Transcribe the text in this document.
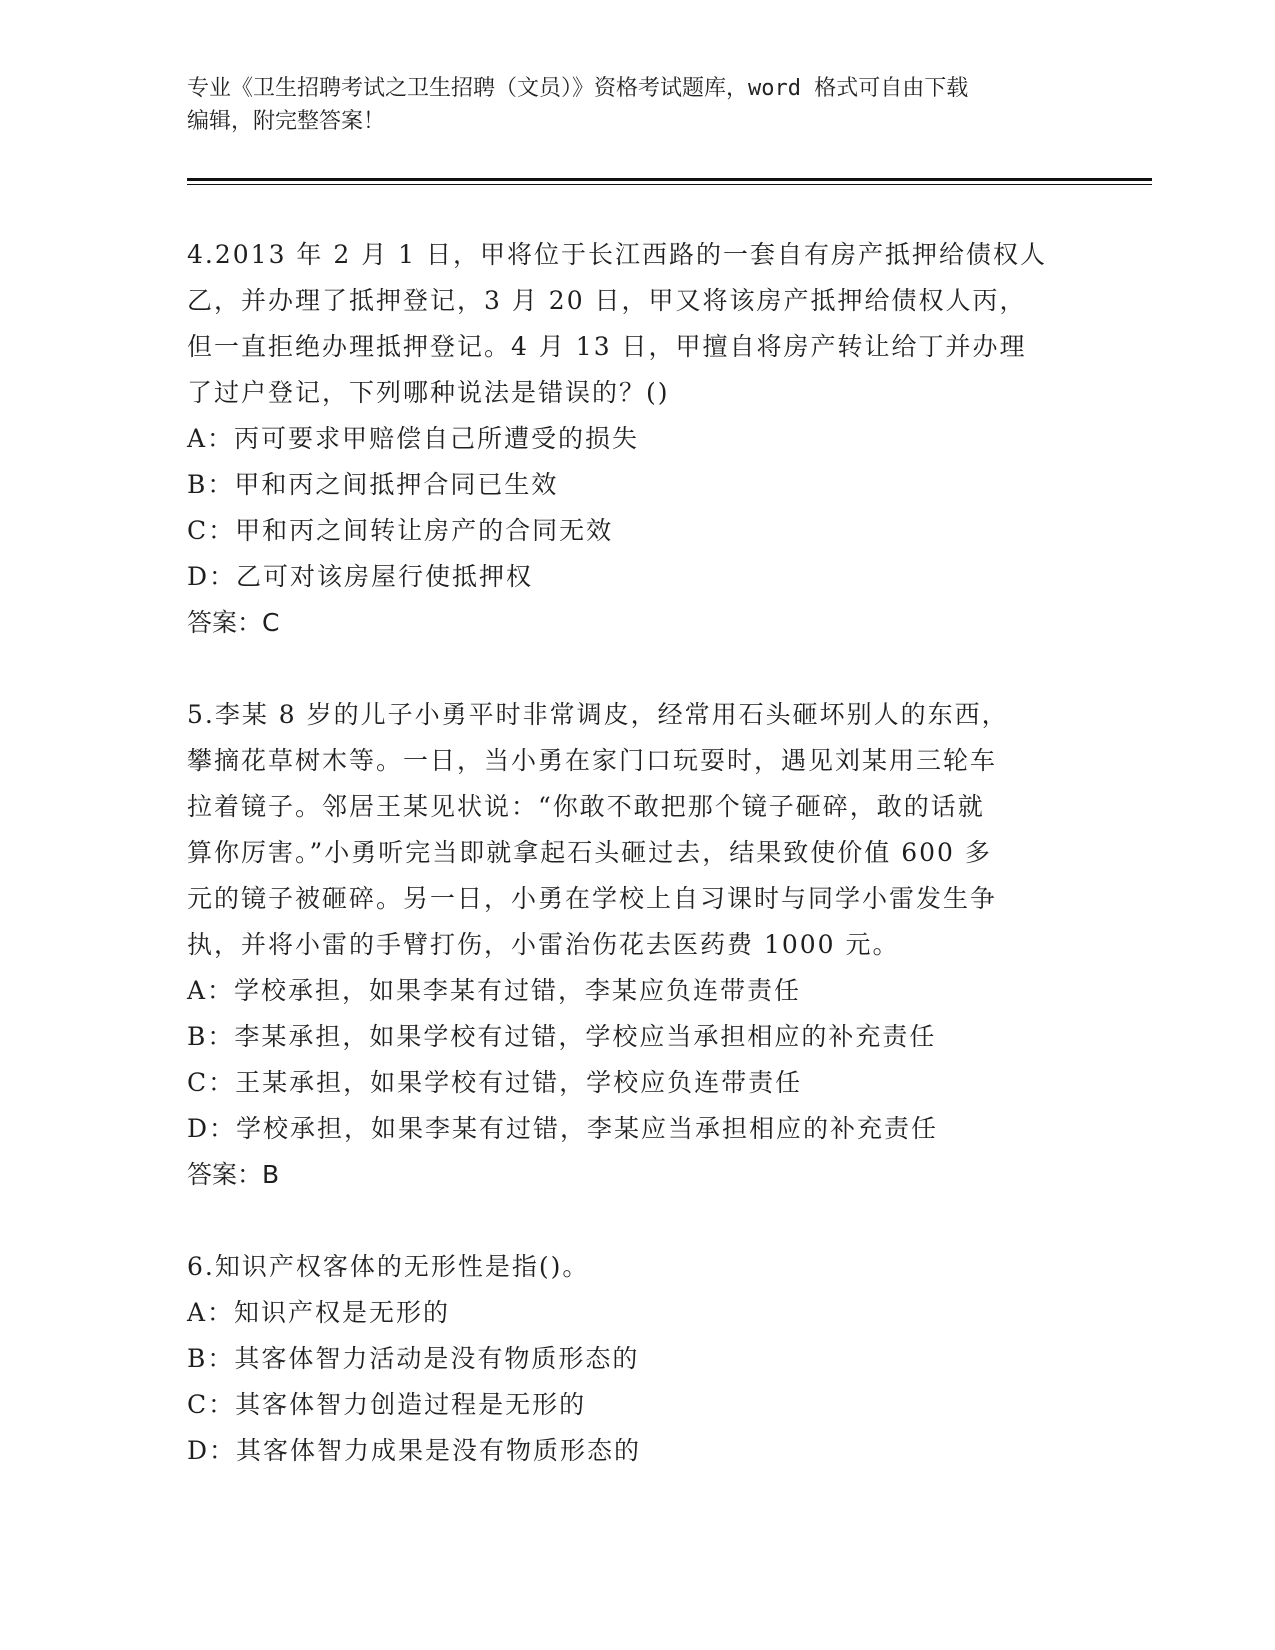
专业《卫生招聘考试之卫生招聘（文员）》资格考试题库，word 格式可自由下载
编辑，附完整答案！
4.2013 年 2 月 1 日，甲将位于长江西路的一套自有房产抵押给债权人
乙，并办理了抵押登记，3 月 20 日，甲又将该房产抵押给债权人丙，
但一直拒绝办理抵押登记。4 月 13 日，甲擅自将房产转让给丁并办理
了过户登记，下列哪种说法是错误的？()
A：丙可要求甲赔偿自己所遭受的损失
B：甲和丙之间抵押合同已生效
C：甲和丙之间转让房产的合同无效
D：乙可对该房屋行使抵押权
答案：C
5.李某 8 岁的儿子小勇平时非常调皮，经常用石头砸坏别人的东西，
攀摘花草树木等。一日，当小勇在家门口玩耍时，遇见刘某用三轮车
拉着镜子。邻居王某见状说：“你敢不敢把那个镜子砸碎，敢的话就
算你厉害。”小勇听完当即就拿起石头砸过去，结果致使价值 600 多
元的镜子被砸碎。另一日，小勇在学校上自习课时与同学小雷发生争
执，并将小雷的手臂打伤，小雷治伤花去医药费 1000 元。
A：学校承担，如果李某有过错，李某应负连带责任
B：李某承担，如果学校有过错，学校应当承担相应的补充责任
C：王某承担，如果学校有过错，学校应负连带责任
D：学校承担，如果李某有过错，李某应当承担相应的补充责任
答案：B
6.知识产权客体的无形性是指()。
A：知识产权是无形的
B：其客体智力活动是没有物质形态的
C：其客体智力创造过程是无形的
D：其客体智力成果是没有物质形态的
